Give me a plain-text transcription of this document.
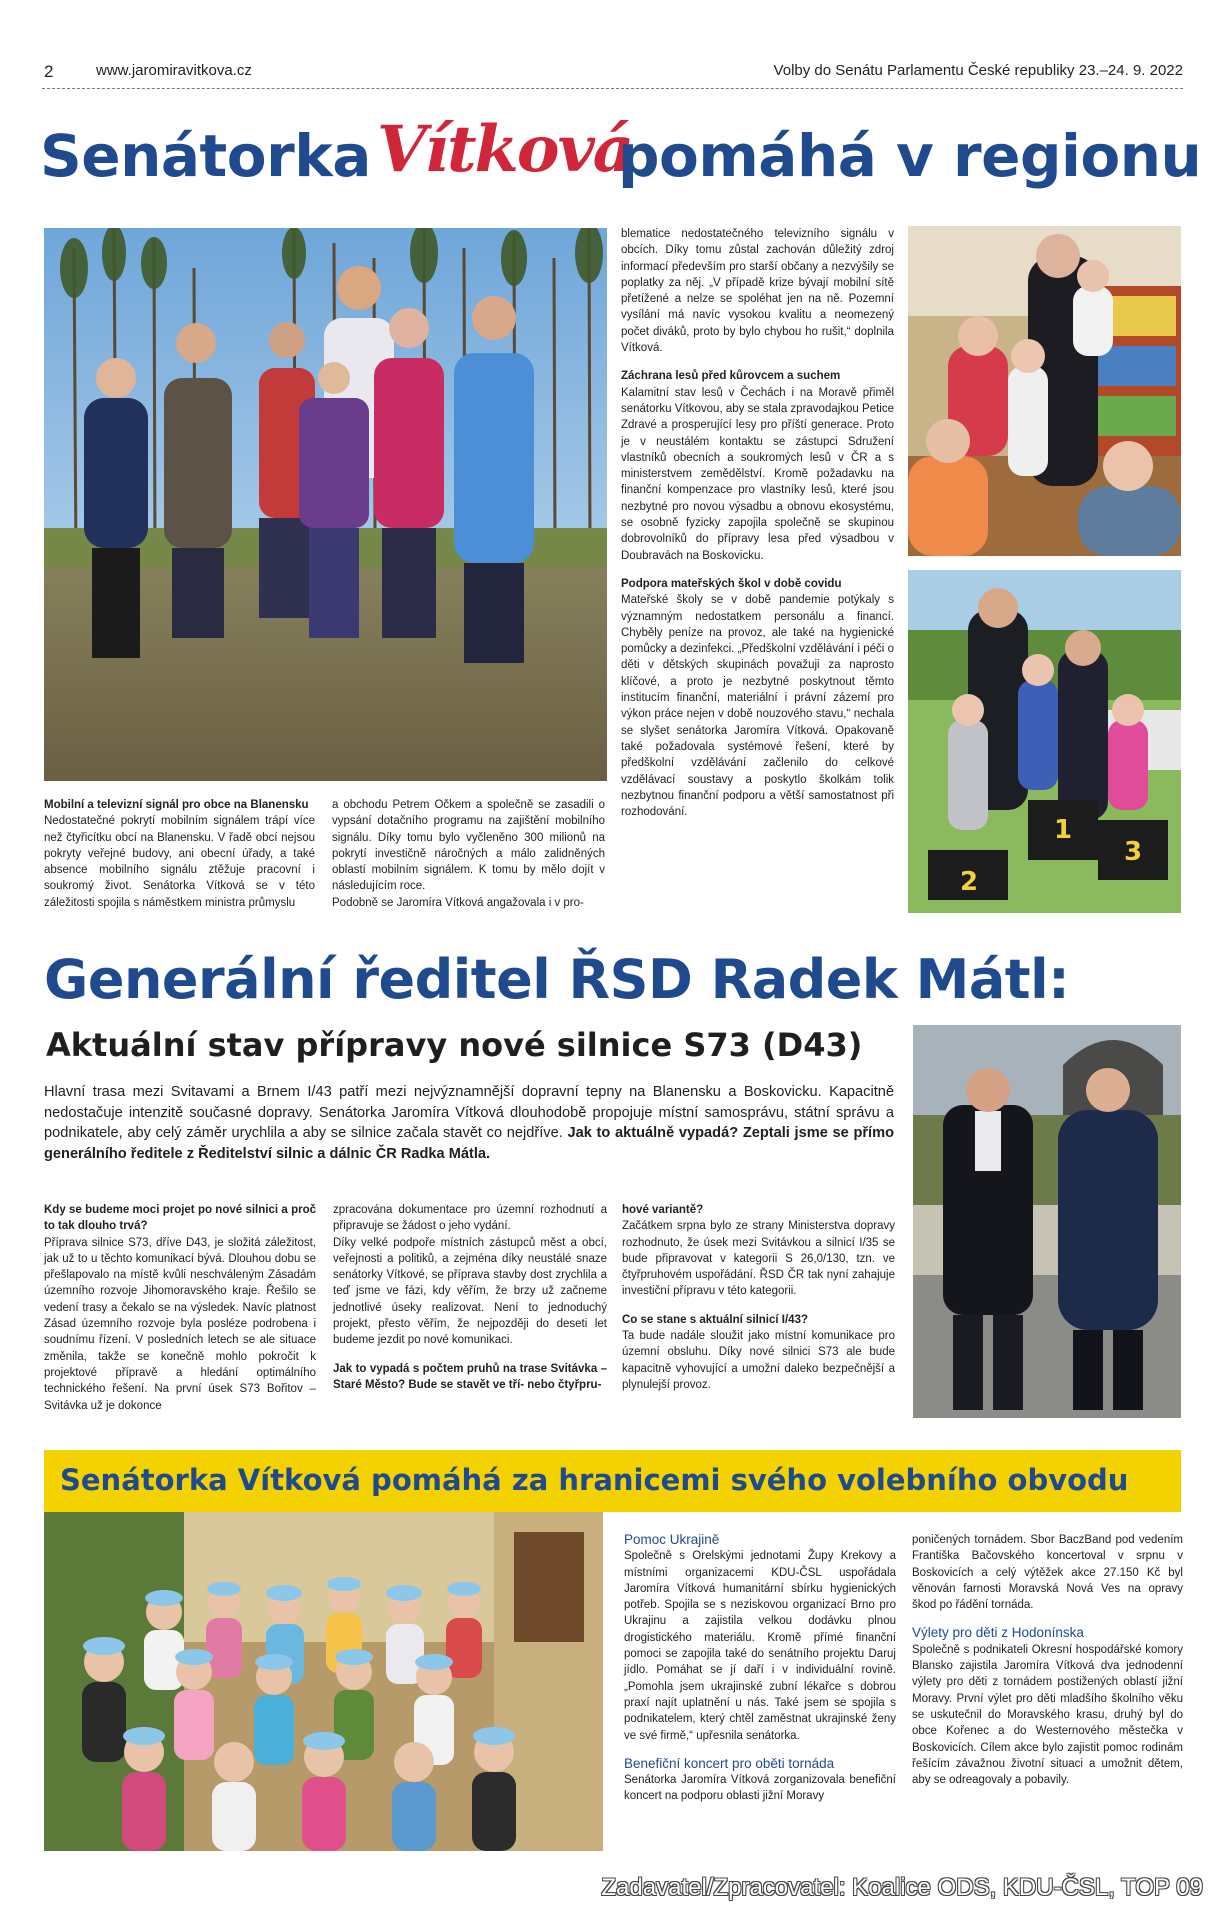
2	www.jaromiravitkova.cz	Volby do Senátu Parlamentu České republiky 23.–24. 9. 2022
Senátorka Vítková
pomáhá v regionu

Mobilní a televizní signál pro obce na Blanensku

Nedostatečné pokrytí mobilním signálem trápí více než čtyřicítku obcí na Blanensku. V řadě obcí nejsou pokryty veřejné budovy, ani obecní úřady, a také absence mobilního signálu ztěžuje pracovní i soukromý život. Senátorka Vítková se v této záležitosti spojila s náměstkem ministra průmyslu

a obchodu Petrem Očkem a společně se zasadili o vypsání dotačního programu na zajištění mobilního signálu. Díky tomu bylo vyčleněno 300 milionů na pokrytí investičně náročných a málo zalidněných oblastí mobilním signálem. K tomu by mělo dojít v následujícím roce.

Podobně se Jaromíra Vítková angažovala i v pro-

blematice nedostatečného televizního signálu v obcích. Díky tomu zůstal zachován důležitý zdroj informací především pro starší občany a nezvýšily se poplatky za něj. „V případě krize bývají mobilní sítě přetížené a nelze se spoléhat jen na ně. Pozemní vysílání má navíc vysokou kvalitu a neomezený počet diváků, proto by bylo chybou ho rušit,“ doplnila Vítková.

Záchrana lesů před kůrovcem a suchem

Kalamitní stav lesů v Čechách i na Moravě přiměl senátorku Vítkovou, aby se stala zpravodajkou Petice Zdravé a prosperující lesy pro příští generace. Proto je v neustálém kontaktu se zástupci Sdružení vlastníků obecních a soukromých lesů v ČR a s ministerstvem zemědělství. Kromě požadavku na finanční kompenzace pro vlastníky lesů, které jsou nezbytné pro novou výsadbu a obnovu ekosystému, se osobně fyzicky zapojila společně se skupinou dobrovolníků do přípravy lesa před výsadbou v Doubravách na Boskovicku.

Podpora mateřských škol v době covidu

Mateřské školy se v době pandemie potýkaly s významným nedostatkem personálu a financí. Chyběly peníze na provoz, ale také na hygienické pomůcky a dezinfekci. „Předškolní vzdělávání i péči o děti v dětských skupinách považuji za naprosto klíčové, a proto je nezbytné poskytnout těmto institucím finanční, materiální i právní zázemí pro výkon práce nejen v době nouzového stavu,“ nechala se slyšet senátorka Jaromíra Vítková. Opakovaně také požadovala systémové řešení, které by předškolní vzdělávání začlenilo do celkové vzdělávací soustavy a poskytlo školkám tolik nezbytnou finanční podporu a větší samostatnost při rozhodování.

2
1
3
Generální ředitel ŘSD Radek Mátl:
Aktuální stav přípravy nové silnice S73 (D43)
Hlavní trasa mezi Svitavami a Brnem I/43 patří mezi nejvýznamnější dopravní tepny na Blanensku a Boskovicku. Kapacitně nedostačuje intenzitě současné dopravy. Senátorka Jaromíra Vítková dlouhodobě propojuje místní samosprávu, státní správu a podnikatele, aby celý záměr urychlila a aby se silnice začala stavět co nejdříve. Jak to aktuálně vypadá? Zeptali jsme se přímo generálního ředitele z Ředitelství silnic a dálnic ČR Radka Mátla.

Kdy se budeme moci projet po nové silnici a proč to tak dlouho trvá?

Příprava silnice S73, dříve D43, je složitá záležitost, jak už to u těchto komunikací bývá. Dlouhou dobu se přešlapovalo na místě kvůli neschváleným Zásadám územního rozvoje Jihomoravského kraje. Řešilo se vedení trasy a čekalo se na výsledek. Navíc platnost Zásad územního rozvoje byla posléze podrobena i soudnímu řízení. V posledních letech se ale situace změnila, takže se konečně mohlo pokročit k projektové přípravě a hledání optimálního technického řešení. Na první úsek S73 Bořitov – Svitávka už je dokonce

zpracována dokumentace pro územní rozhodnutí a připravuje se žádost o jeho vydání.

Díky velké podpoře místních zástupců měst a obcí, veřejnosti a politiků, a zejména díky neustálé snaze senátorky Vítkové, se příprava stavby dost zrychlila a teď jsme ve fázi, kdy věřím, že brzy už začneme jednotlivé úseky realizovat. Není to jednoduchý projekt, přesto věřím, že nejpozději do deseti let budeme jezdit po nové komunikaci.

Jak to vypadá s počtem pruhů na trase Svitávka – Staré Město? Bude se stavět ve tří- nebo čtyřpru-

hové variantě?

Začátkem srpna bylo ze strany Ministerstva dopravy rozhodnuto, že úsek mezi Svitávkou a silnicí I/35 se bude připravovat v kategorii S 26,0/130, tzn. ve čtyřpruhovém uspořádání. ŘSD ČR tak nyní zahajuje investiční přípravu v této kategorii.

Co se stane s aktuální silnicí I/43?

Ta bude nadále sloužit jako místní komunikace pro územní obsluhu. Díky nové silnici S73 ale bude kapacitně vyhovující a umožní daleko bezpečnější a plynulejší provoz.

Senátorka Vítková pomáhá za hranicemi svého volebního obvodu

Pomoc Ukrajině

Společně s Orelskými jednotami Župy Krekovy a místními organizacemi KDU-ČSL uspořádala Jaromíra Vítková humanitární sbírku hygienických potřeb. Spojila se s neziskovou organizací Brno pro Ukrajinu a zajistila velkou dodávku plnou drogistického materiálu. Kromě přímé finanční pomoci se zapojila také do senátního projektu Daruj jídlo. Pomáhat se jí daří i v individuální rovině. „Pomohla jsem ukrajinské zubní lékařce s dobrou praxí najít uplatnění u nás. Také jsem se spojila s podnikatelem, který chtěl zaměstnat ukrajinské ženy ve své firmě,“ upřesnila senátorka.

Benefiční koncert pro oběti tornáda

Senátorka Jaromíra Vítková zorganizovala benefiční koncert na podporu oblasti jižní Moravy

poničených tornádem. Sbor BaczBand pod vedením Františka Bačovského koncertoval v srpnu v Boskovicích a celý výtěžek akce 27.150 Kč byl věnován farnosti Moravská Nová Ves na opravy škod po řádění tornáda.

Výlety pro děti z Hodonínska

Společně s podnikateli Okresní hospodářské komory Blansko zajistila Jaromíra Vítková dva jednodenní výlety pro děti z tornádem postižených oblastí jižní Moravy. První výlet pro děti mladšího školního věku se uskutečnil do Moravského krasu, druhý byl do obce Kořenec a do Westernového městečka v Boskovicích. Cílem akce bylo zajistit pomoc rodinám řešícím závažnou životní situaci a umožnit dětem, aby se odreagovaly a pobavily.

Zadavatel/Zpracovatel: Koalice ODS, KDU-ČSL, TOP 09
